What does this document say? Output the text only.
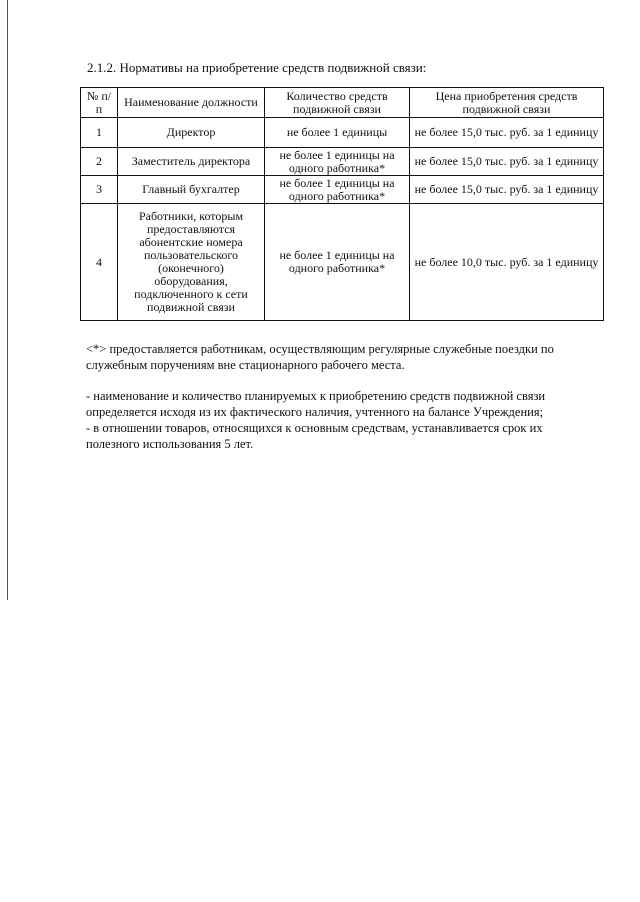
2.1.2. Нормативы на приобретение средств подвижной связи:
№ п/п	Наименование должности	Количество средств подвижной связи	Цена приобретения средств подвижной связи
1	Директор	не более 1 единицы	не более 15,0 тыс. руб. за 1 единицу
2	Заместитель директора	не более 1 единицы на одного работника*	не более 15,0 тыс. руб. за 1 единицу
3	Главный бухгалтер	не более 1 единицы на одного работника*	не более 15,0 тыс. руб. за 1 единицу
4	Работники, которым предоставляются абонентские номера пользовательского (оконечного) оборудования, подключенного к сети подвижной связи	не более 1 единицы на одного работника*	не более 10,0 тыс. руб. за 1 единицу
<*> предоставляется работникам, осуществляющим регулярные служебные поездки по служебным поручениям вне стационарного рабочего места.
- наименование и количество планируемых к приобретению средств подвижной связи определяется исходя из их фактического наличия, учтенного на балансе Учреждения;
- в отношении товаров, относящихся к основным средствам, устанавливается срок их полезного использования 5 лет.
